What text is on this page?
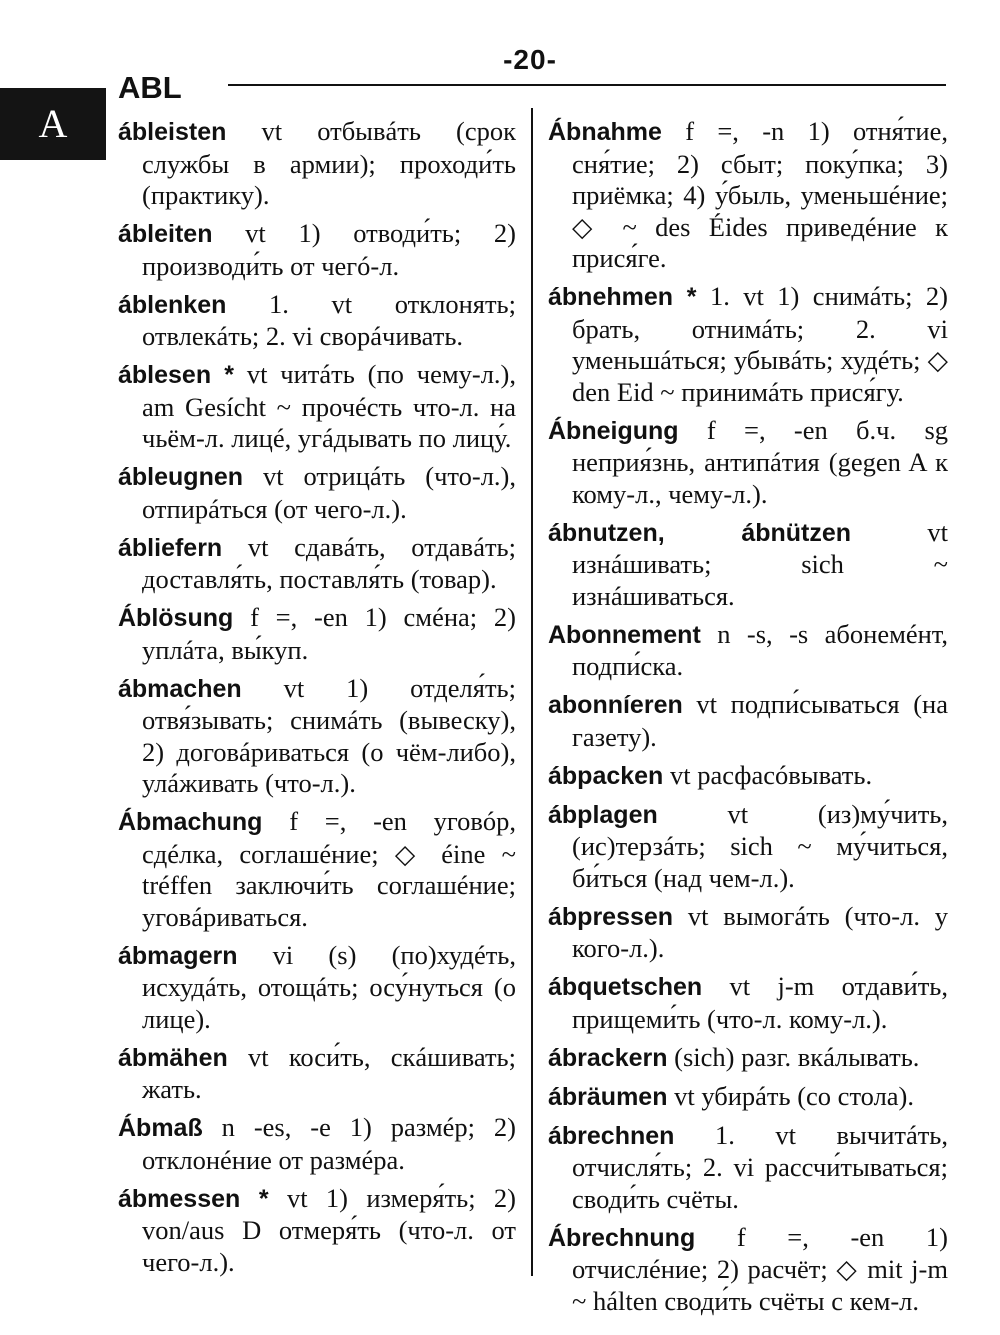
-20-
ABL
A	ábleisten vt отбывáть (срок службы в армии); проходи́ть (практику).

ábleiten vt 1) отводи́ть; 2) производи́ть от чегó-л.

áblenken 1. vt отклонять; отвлекáть; 2. vi сворáчивать.

áblesen * vt читáть (по чему-л.), am Gesícht ~ прочéсть что-л. на чьём-л. лицé, угáдывать по лицу́.

ábleugnen vt отрицáть (что-л.), отпирáться (от чего-л.).

ábliefern vt сдавáть, отдавáть; доставля́ть, поставля́ть (товар).

Áblösung f =, -en 1) смéна; 2) уплáта, вы́куп.

ábmachen vt 1) отделя́ть; отвя́зывать; снимáть (вывеску), 2) договáриваться (о чём-либо), улáживать (что-л.).

Ábmachung f =, -en уговóр, сдéлка, соглашéние; ◇ éine ~ tréffen заключи́ть соглашéние; уговáриваться.

ábmagern vi (s) (по)худéть, исхудáть, отощáть; осу́нуться (о лице).

ábmähen vt коси́ть, скáшивать; жать.

Ábmaß n -es, -e 1) размéр; 2) отклонéние от размéра.

ábmessen * vt 1) измеря́ть; 2) von/aus D отмеря́ть (что-л. от чего-л.).

Ábnahme f =, -n 1) отня́тие, сня́тие; 2) сбыт; поку́пка; 3) приёмка; 4) у́быль, уменьшéние; ◇ ~ des Éides приведéние к прися́ге.

ábnehmen * 1. vt 1) снимáть; 2) брать, отнимáть; 2. vi уменьшáться; убывáть; худéть; ◇ den Eid ~ принимáть прися́гу.

Ábneigung f =, -en б.ч. sg неприя́знь, антипáтия (gegen A к кому-л., чему-л.).

ábnutzen, ábnützen	vt изнáшивать; sich ~ изнáшиваться.

Abonnement n -s, -s абонемéнт, подпи́ска.

abonníeren vt подпи́сываться (на газету).

ábpacken vt расфасóвывать.

ábplagen	vt (из)му́чить, (ис)терзáть; sich ~ му́читься, би́ться (над чем-л.).

ábpressen vt вымогáть (что-л. у кого-л.).

ábquetschen vt j-m отдави́ть, прищеми́ть (что-л. кому-л.).

ábrackern (sich) разг. вкáлывать.

ábräumen vt убирáть (со стола).

ábrechnen 1. vt вычитáть, отчисля́ть; 2. vi рассчи́тываться; своди́ть счёты.

Ábrechnung f =, -en 1) отчислéние; 2) расчёт; ◇ mit j-m ~ hálten своди́ть счёты с кем-л.
